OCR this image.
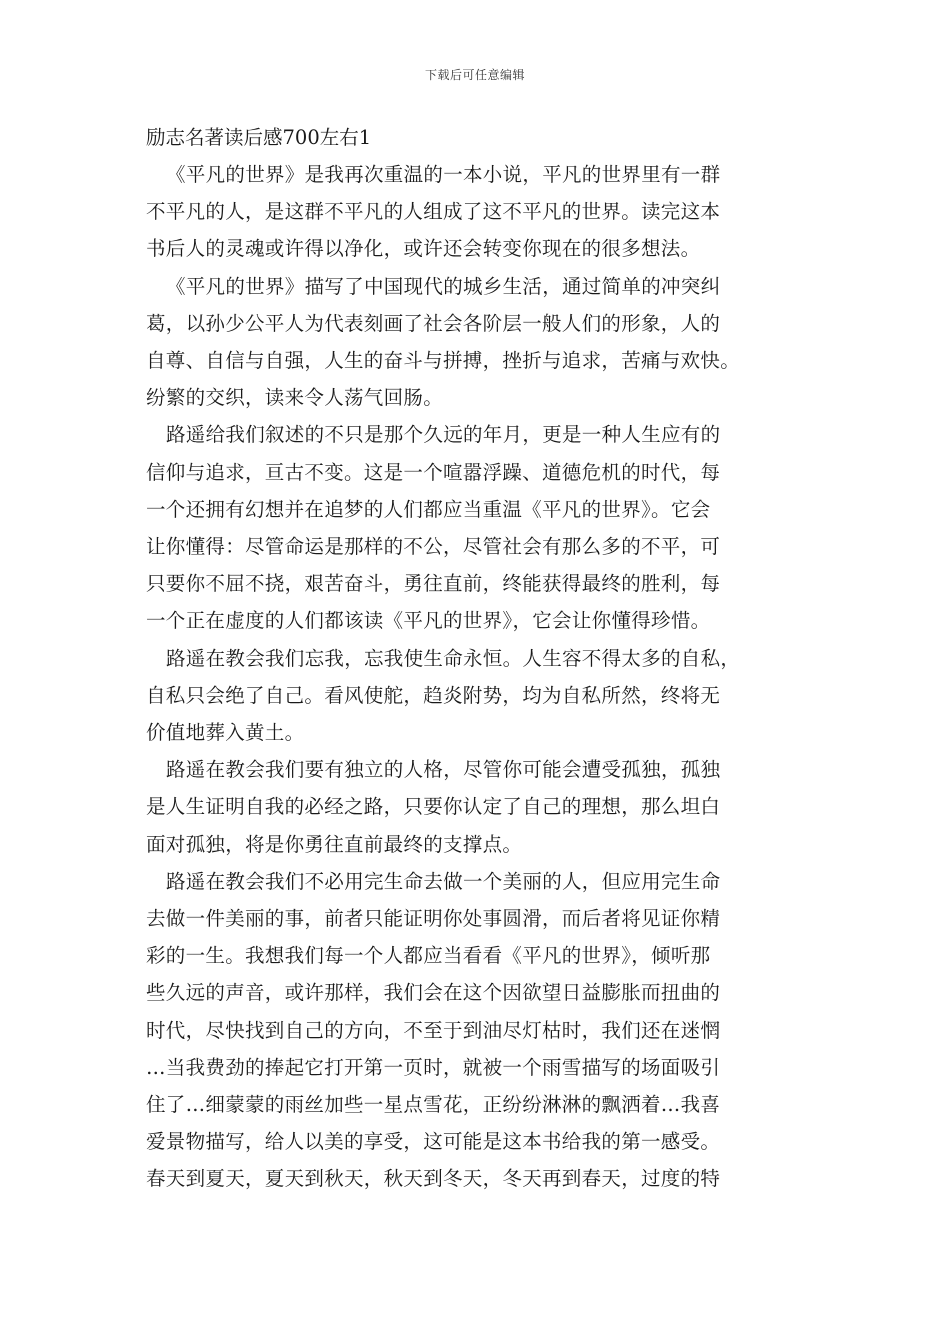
下载后可任意编辑
励志名著读后感700左右1
《平凡的世界》是我再次重温的一本小说，平凡的世界里有一群
不平凡的人，是这群不平凡的人组成了这不平凡的世界。读完这本
书后人的灵魂或许得以净化，或许还会转变你现在的很多想法。
《平凡的世界》描写了中国现代的城乡生活，通过简单的冲突纠
葛，以孙少公平人为代表刻画了社会各阶层一般人们的形象，人的
自尊、自信与自强，人生的奋斗与拼搏，挫折与追求，苦痛与欢快。
纷繁的交织，读来令人荡气回肠。
路遥给我们叙述的不只是那个久远的年月，更是一种人生应有的
信仰与追求，亘古不变。这是一个喧嚣浮躁、道德危机的时代，每
一个还拥有幻想并在追梦的人们都应当重温《平凡的世界》。它会
让你懂得：尽管命运是那样的不公，尽管社会有那么多的不平，可
只要你不屈不挠，艰苦奋斗，勇往直前，终能获得最终的胜利，每
一个正在虚度的人们都该读《平凡的世界》，它会让你懂得珍惜。
路遥在教会我们忘我，忘我使生命永恒。人生容不得太多的自私，
自私只会绝了自己。看风使舵，趋炎附势，均为自私所然，终将无
价值地葬入黄土。
路遥在教会我们要有独立的人格，尽管你可能会遭受孤独，孤独
是人生证明自我的必经之路，只要你认定了自己的理想，那么坦白
面对孤独，将是你勇往直前最终的支撑点。
路遥在教会我们不必用完生命去做一个美丽的人，但应用完生命
去做一件美丽的事，前者只能证明你处事圆滑，而后者将见证你精
彩的一生。我想我们每一个人都应当看看《平凡的世界》，倾听那
些久远的声音，或许那样，我们会在这个因欲望日益膨胀而扭曲的
时代，尽快找到自己的方向，不至于到油尽灯枯时，我们还在迷惘
…当我费劲的捧起它打开第一页时，就被一个雨雪描写的场面吸引
住了…细蒙蒙的雨丝加些一星点雪花，正纷纷淋淋的飘洒着…我喜
爱景物描写，给人以美的享受，这可能是这本书给我的第一感受。
春天到夏天，夏天到秋天，秋天到冬天，冬天再到春天，过度的特
